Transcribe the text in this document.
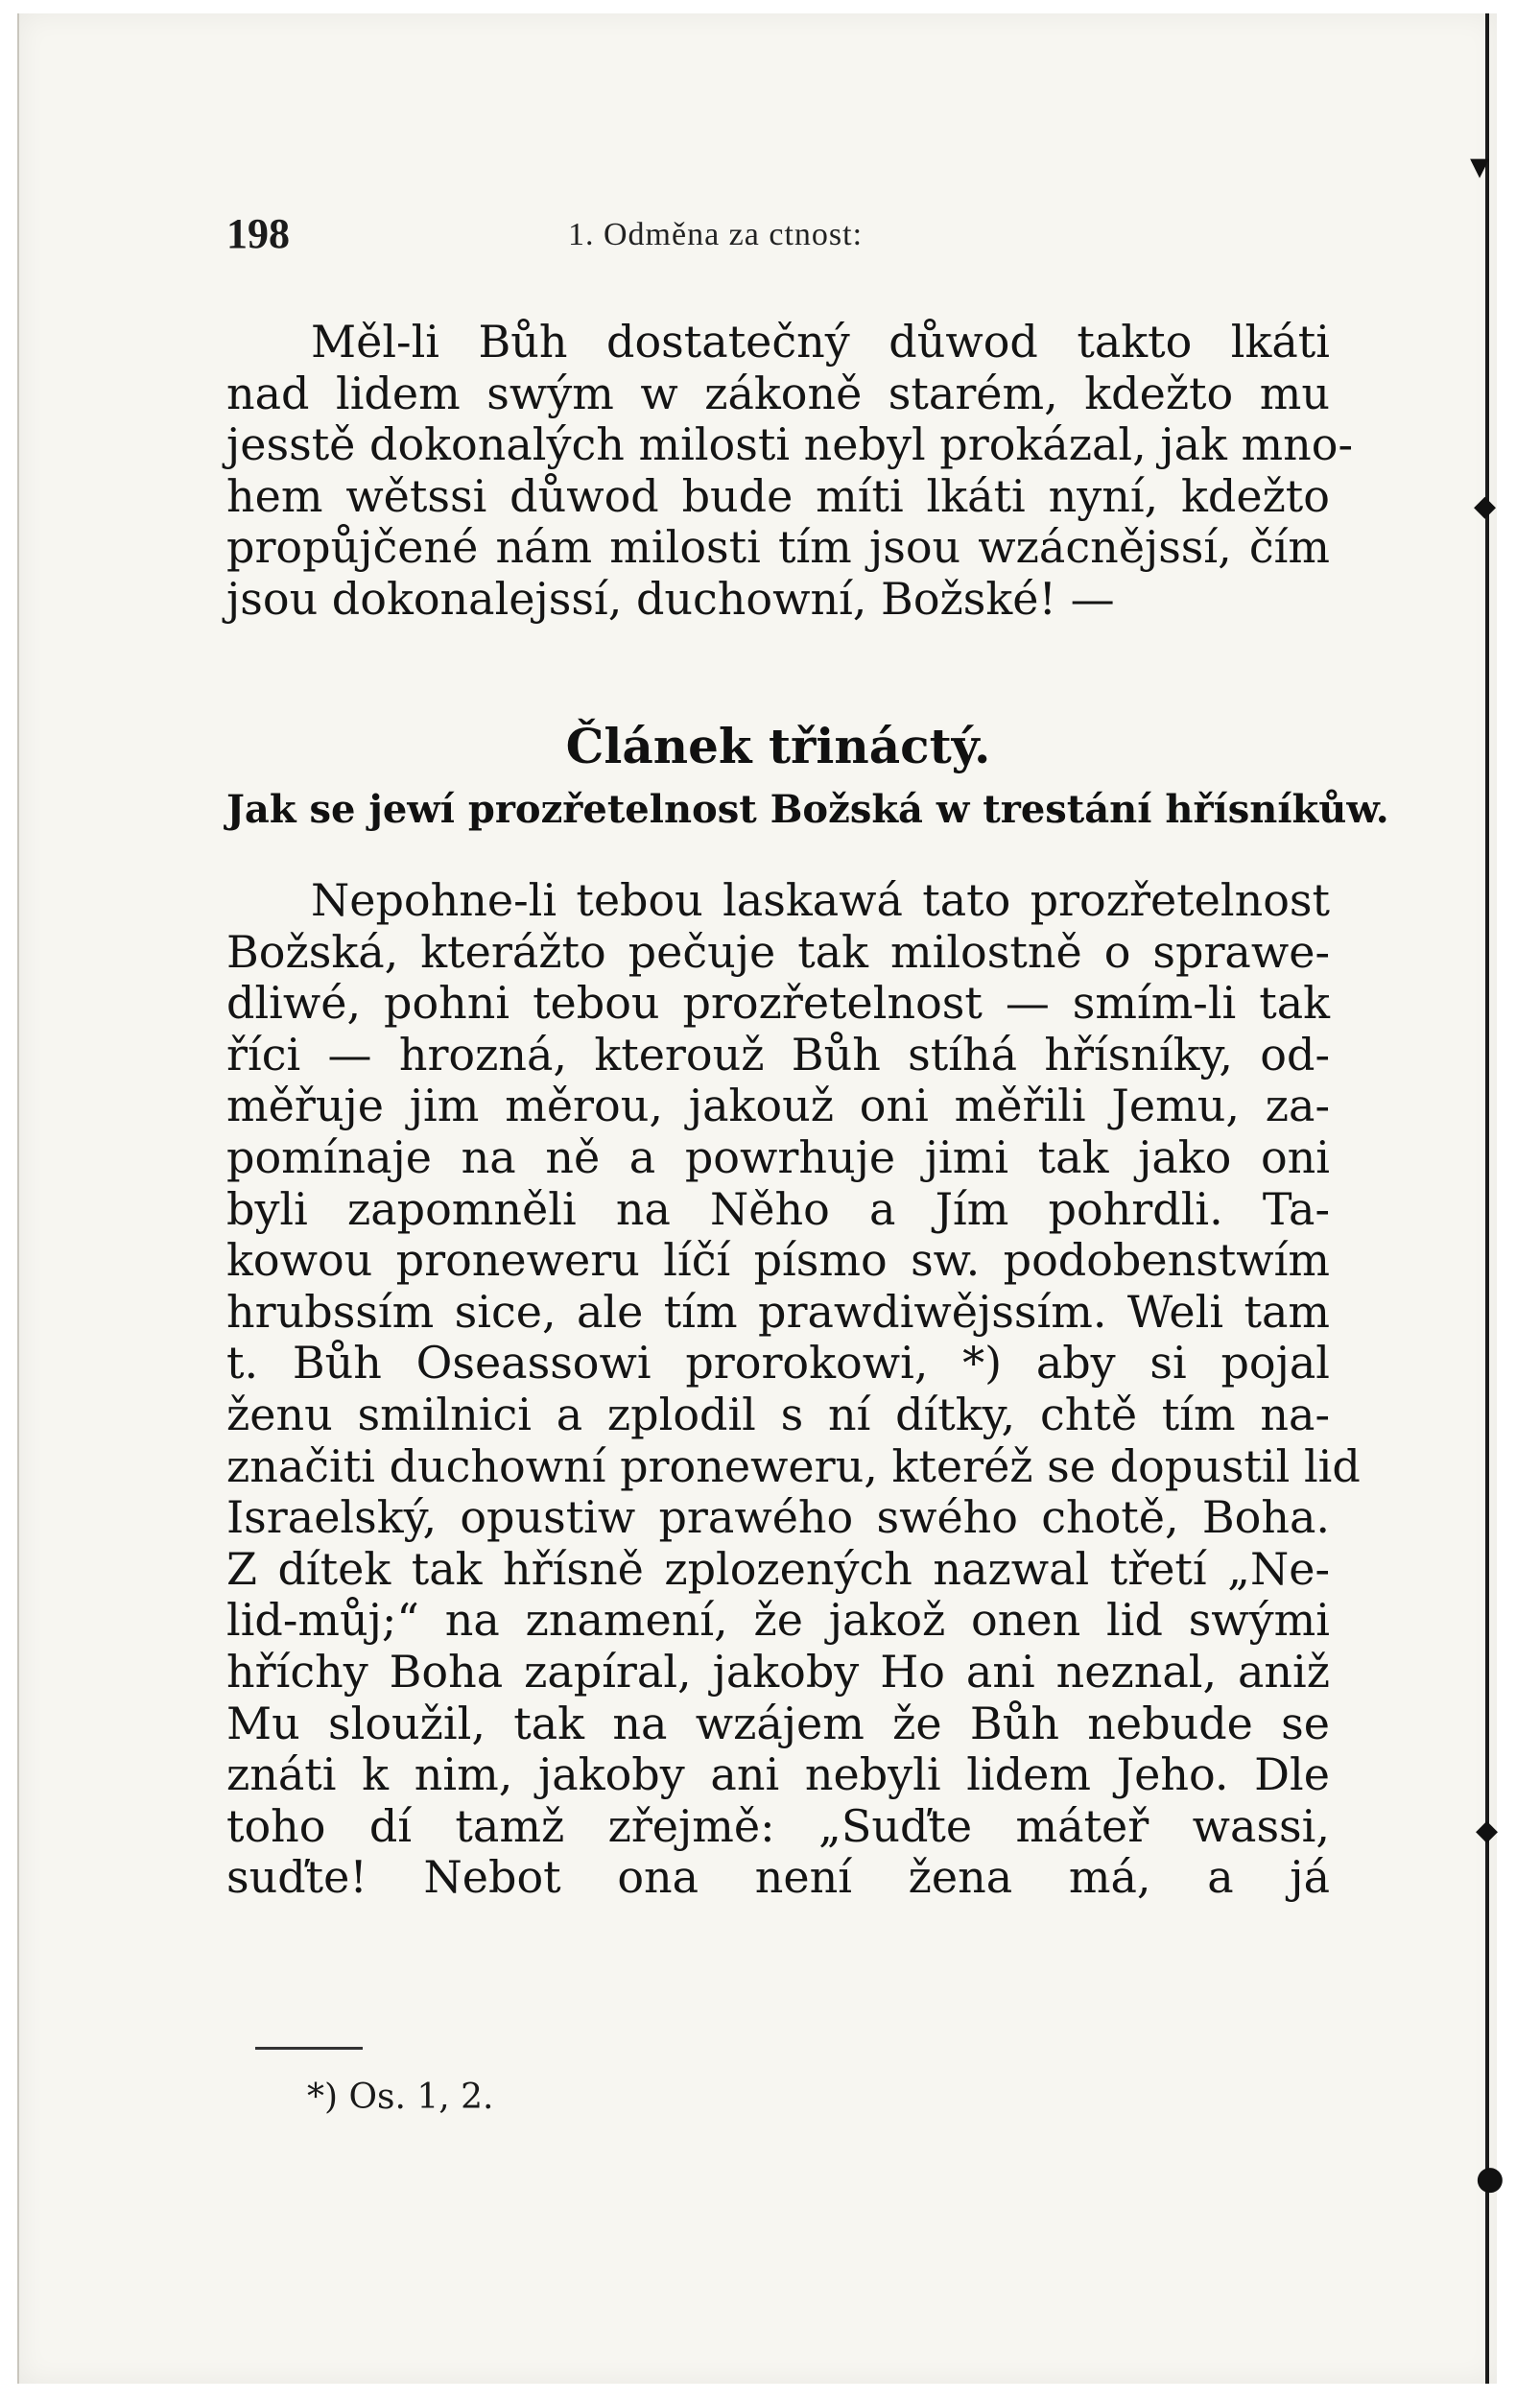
198	1. Odměna za ctnost:
Měl-li Bůh dostatečný důwod takto lkáti
nad lidem swým w zákoně starém, kdežto mu
jesstě dokonalých milosti nebyl prokázal, jak mno-
hem wětssi důwod bude míti lkáti nyní, kdežto
propůjčené nám milosti tím jsou wzácnějssí, čím
jsou dokonalejssí, duchowní, Božské! —
Článek třináctý.
Jak se jewí prozřetelnost Božská w trestání hřísníkůw.
Nepohne-li tebou laskawá tato prozřetelnost
Božská, kterážto pečuje tak milostně o sprawe-
dliwé, pohni tebou prozřetelnost — smím-li tak
říci — hrozná, kterouž Bůh stíhá hřísníky, od-
měřuje jim měrou, jakouž oni měřili Jemu, za-
pomínaje na ně a powrhuje jimi tak jako oni
byli zapomněli na Něho a Jím pohrdli. Ta-
kowou proneweru líčí písmo sw. podobenstwím
hrubssím sice, ale tím prawdiwějssím. Weli tam
t. Bůh Oseassowi prorokowi, *) aby si pojal
ženu smilnici a zplodil s ní dítky, chtě tím na-
značiti duchowní proneweru, kteréž se dopustil lid
Israelský, opustiw prawého swého chotě, Boha.
Z dítek tak hřísně zplozených nazwal třetí „Ne-
lid-můj;“ na znamení, že jakož onen lid swými
hříchy Boha zapíral, jakoby Ho ani neznal, aniž
Mu sloužil, tak na wzájem že Bůh nebude se
znáti k nim, jakoby ani nebyli lidem Jeho. Dle
toho dí tamž zřejmě: „Suďte máteř wassi,
suďte! Nebot ona není žena má, a já
*) Os. 1, 2.
▾
◆
◆
●
